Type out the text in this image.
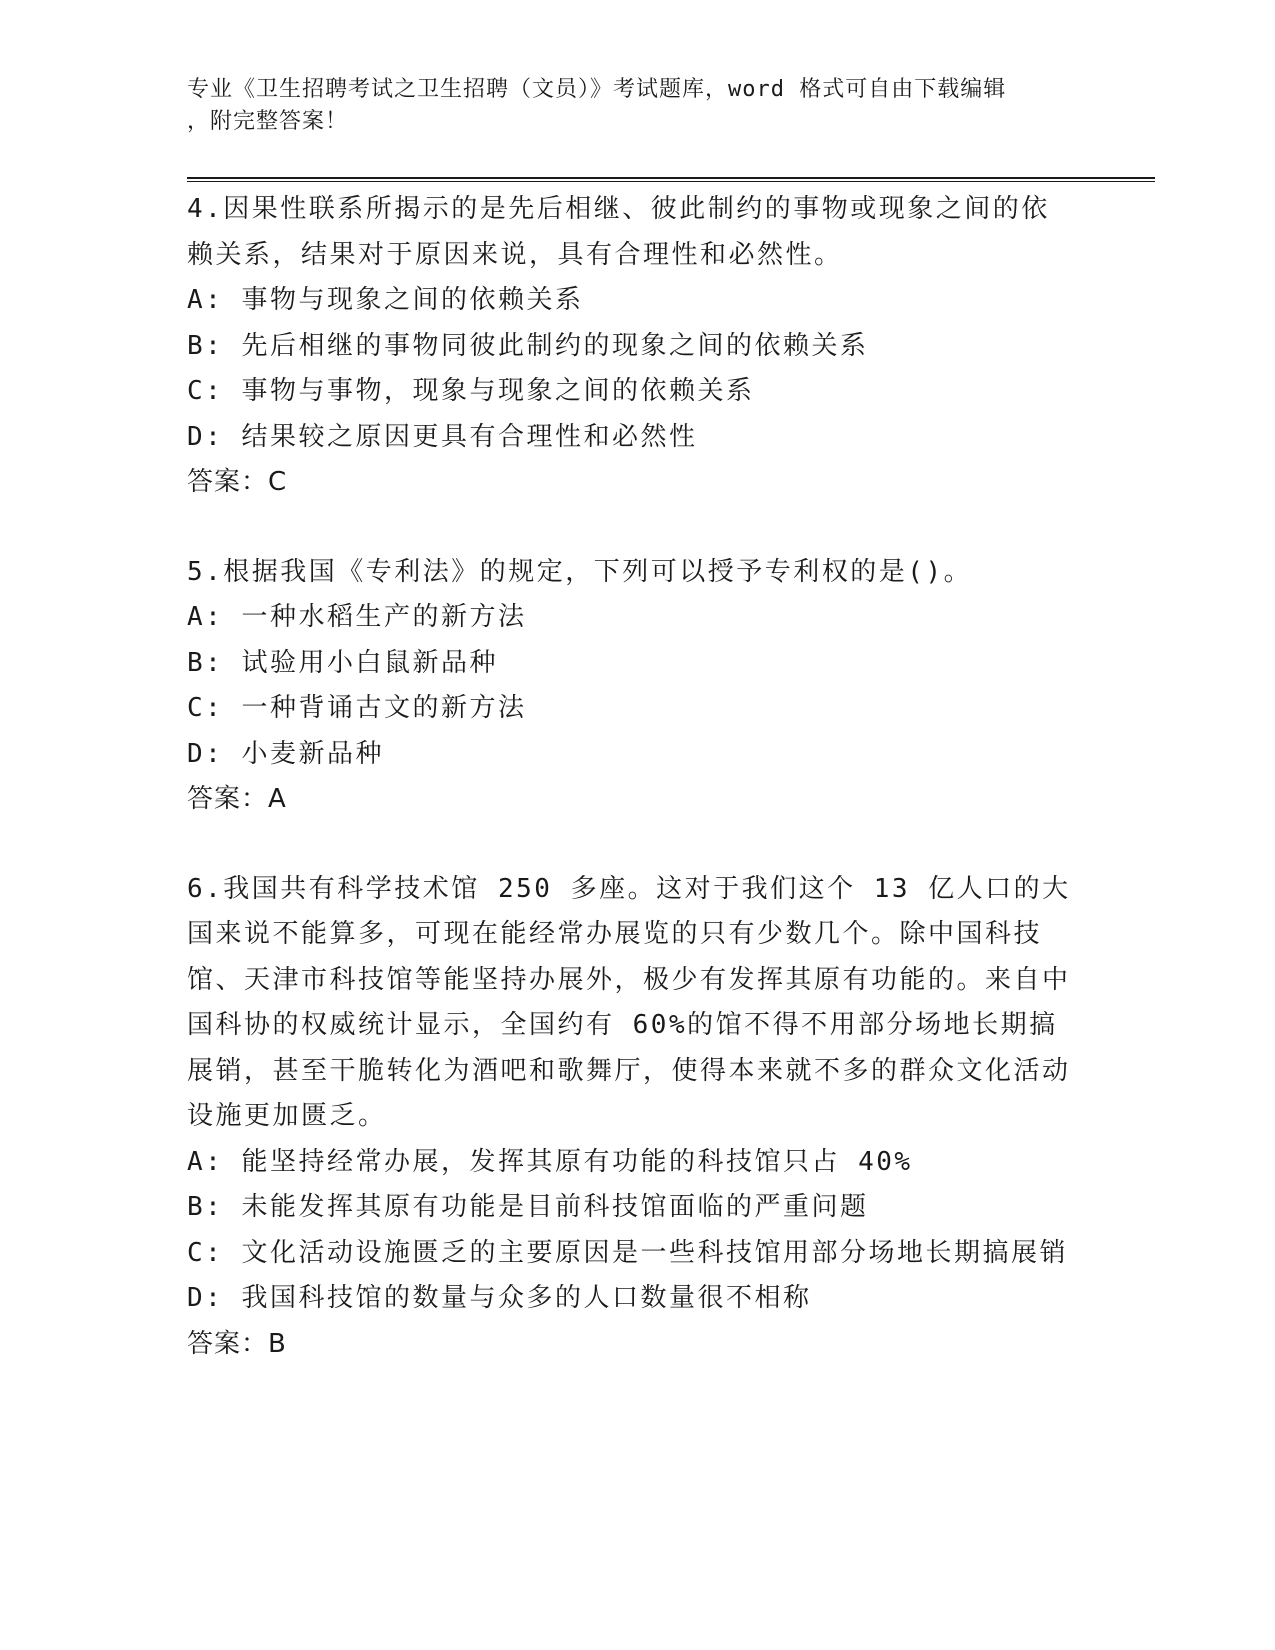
专业《卫生招聘考试之卫生招聘（文员）》考试题库，word 格式可自由下载编辑
，附完整答案！

4.因果性联系所揭示的是先后相继、彼此制约的事物或现象之间的依赖关系，结果对于原因来说，具有合理性和必然性。

A: 事物与现象之间的依赖关系

B: 先后相继的事物同彼此制约的现象之间的依赖关系

C: 事物与事物，现象与现象之间的依赖关系

D: 结果较之原因更具有合理性和必然性

答案：C

5.根据我国《专利法》的规定，下列可以授予专利权的是()。

A: 一种水稻生产的新方法

B: 试验用小白鼠新品种

C: 一种背诵古文的新方法

D: 小麦新品种

答案：A

6.我国共有科学技术馆 250 多座。这对于我们这个 13 亿人口的大国来说不能算多，可现在能经常办展览的只有少数几个。除中国科技馆、天津市科技馆等能坚持办展外，极少有发挥其原有功能的。来自中国科协的权威统计显示，全国约有 60%的馆不得不用部分场地长期搞展销，甚至干脆转化为酒吧和歌舞厅，使得本来就不多的群众文化活动设施更加匮乏。

A: 能坚持经常办展，发挥其原有功能的科技馆只占 40%

B: 未能发挥其原有功能是目前科技馆面临的严重问题

C: 文化活动设施匮乏的主要原因是一些科技馆用部分场地长期搞展销

D: 我国科技馆的数量与众多的人口数量很不相称

答案：B
